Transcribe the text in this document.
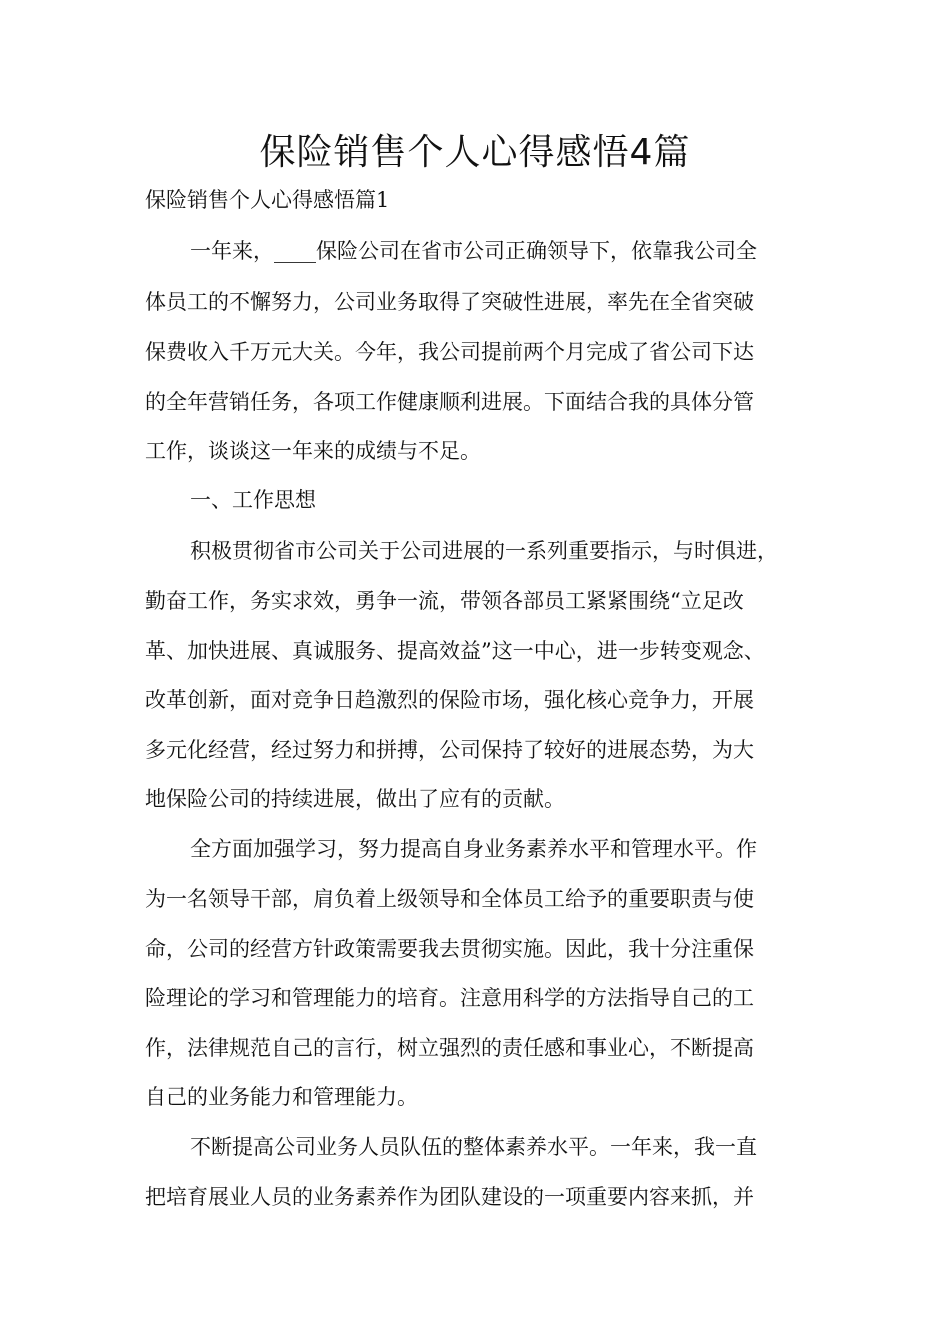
保险销售个人心得感悟4篇
保险销售个人心得感悟篇1
一年来，____保险公司在省市公司正确领导下，依靠我公司全
体员工的不懈努力，公司业务取得了突破性进展，率先在全省突破
保费收入千万元大关。今年，我公司提前两个月完成了省公司下达
的全年营销任务，各项工作健康顺利进展。下面结合我的具体分管
工作，谈谈这一年来的成绩与不足。
一、工作思想
积极贯彻省市公司关于公司进展的一系列重要指示，与时俱进，
勤奋工作，务实求效，勇争一流，带领各部员工紧紧围绕“立足改
革、加快进展、真诚服务、提高效益”这一中心，进一步转变观念、
改革创新，面对竞争日趋激烈的保险市场，强化核心竞争力，开展
多元化经营，经过努力和拼搏，公司保持了较好的进展态势，为大
地保险公司的持续进展，做出了应有的贡献。
全方面加强学习，努力提高自身业务素养水平和管理水平。作
为一名领导干部，肩负着上级领导和全体员工给予的重要职责与使
命，公司的经营方针政策需要我去贯彻实施。因此，我十分注重保
险理论的学习和管理能力的培育。注意用科学的方法指导自己的工
作，法律规范自己的言行，树立强烈的责任感和事业心，不断提高
自己的业务能力和管理能力。
不断提高公司业务人员队伍的整体素养水平。一年来，我一直
把培育展业人员的业务素养作为团队建设的一项重要内容来抓，并
